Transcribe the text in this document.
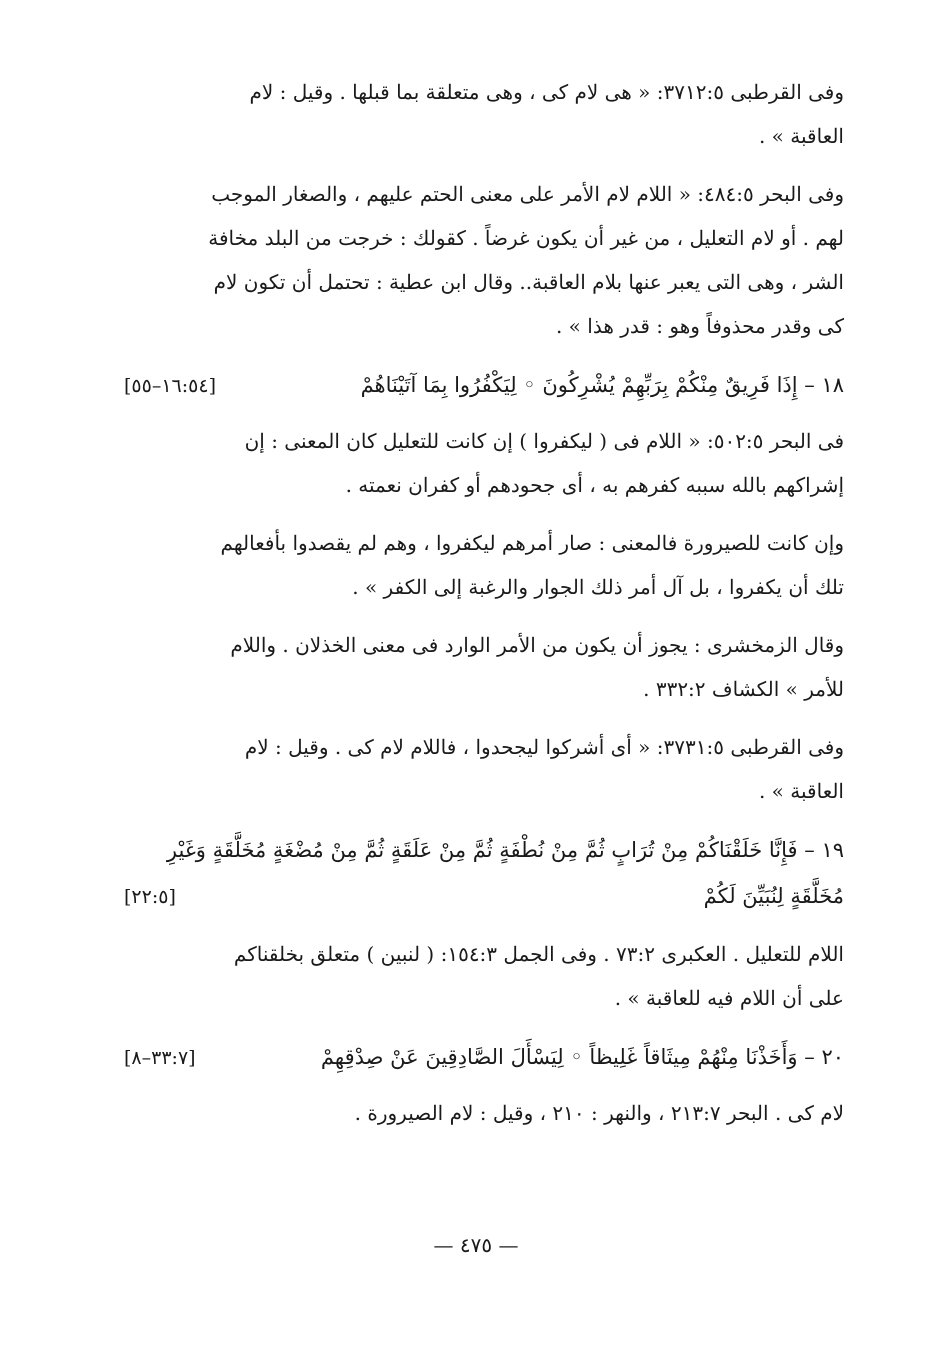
وفى القرطبى ٣٧١٢:٥: « هى لام كى ، وهى متعلقة بما قبلها . وقيل : لام
العاقبة » .

وفى البحر ٤٨٤:٥: « اللام لام الأمر على معنى الحتم عليهم ، والصغار الموجب
لهم . أو لام التعليل ، من غير أن يكون غرضاً . كقولك : خرجت من البلد مخافة
الشر ، وهى التى يعبر عنها بلام العاقبة.. وقال ابن عطية : تحتمل أن تكون لام
كى وقدر محذوفاً وهو : قدر هذا » .

١٨ – إِذَا فَرِيقٌ مِنْكُمْ بِرَبِّهِمْ يُشْرِكُونَ ◦ لِيَكْفُرُوا بِمَا آتَيْنَاهُمْ
[١٦:٥٤–٥٥]

فى البحر ٥٠٢:٥: « اللام فى ( ليكفروا ) إن كانت للتعليل كان المعنى : إن
إشراكهم بالله سببه كفرهم به ، أى جحودهم أو كفران نعمته .

وإن كانت للصيرورة فالمعنى : صار أمرهم ليكفروا ، وهم لم يقصدوا بأفعالهم
تلك أن يكفروا ، بل آل أمر ذلك الجوار والرغبة إلى الكفر » .

وقال الزمخشرى : يجوز أن يكون من الأمر الوارد فى معنى الخذلان . واللام
للأمر » الكشاف ٣٣٢:٢ .

وفى القرطبى ٣٧٣١:٥: « أى أشركوا ليجحدوا ، فاللام لام كى . وقيل : لام
العاقبة » .

١٩ – فَإِنَّا خَلَقْنَاكُمْ مِنْ تُرَابٍ ثُمَّ مِنْ نُطْفَةٍ ثُمَّ مِنْ عَلَقَةٍ ثُمَّ مِنْ مُضْغَةٍ مُخَلَّقَةٍ وَغَيْرِ
مُخَلَّقَةٍ لِنُبَيِّنَ لَكُمْ
[٢٢:٥]

اللام للتعليل . العكبرى ٧٣:٢ . وفى الجمل ١٥٤:٣: ( لنبين ) متعلق بخلقناكم
على أن اللام فيه للعاقبة » .

٢٠ – وَأَخَذْنَا مِنْهُمْ مِيثَاقاً غَلِيظاً ◦ لِيَسْأَلَ الصَّادِقِينَ عَنْ صِدْقِهِمْ
[٣٣:٧–٨]

لام كى . البحر ٢١٣:٧ ، والنهر : ٢١٠ ، وقيل : لام الصيرورة .

— ٤٧٥ —
